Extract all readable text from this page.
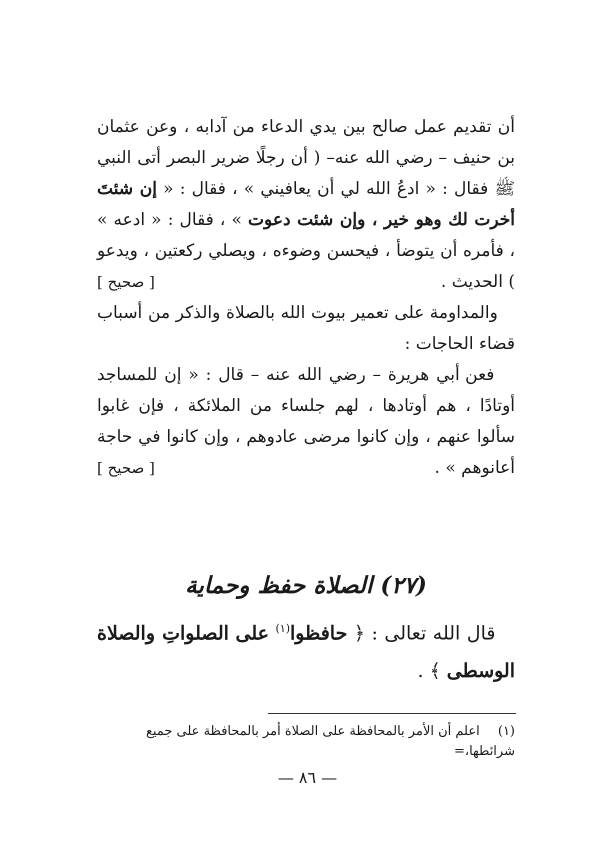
أن تقديم عمل صالح بين يدي الدعاء من آدابه ، وعن عثمان بن حنيف – رضي الله عنه– ( أن رجلًا ضرير البصر أتى النبي ﷺ فقال : « ادعُ الله لي أن يعافيني » ، فقال : « إن شئتَ أخرت لك وهو خير ، وإن شئت دعوت » ، فقال : « ادعه » ، فأمره أن يتوضأ ، فيحسن وضوءه ، ويصلي ركعتين ، ويدعو ) الحديث .
[ صحيح ]

والمداومة على تعمير بيوت الله بالصلاة والذكر من أسباب قضاء الحاجات :

فعن أبي هريرة – رضي الله عنه – قال : « إن للمساجد أوتادًا ، هم أوتادها ، لهم جلساء من الملائكة ، فإن غابوا سألوا عنهم ، وإن كانوا مرضى عادوهم ، وإن كانوا في حاجة أعانوهم » .
[ صحيح ]

(٢٧) الصلاة حفظ وحماية
قال الله تعالى : ﴿ حافظوا$^{(١)}$ على الصلواتِ والصلاة الوسطى ﴾ .
(١) اعلم أن الأمر بالمحافظة على الصلاة أمر بالمحافظة على جميع شرائطها،=
— ٨٦ —
